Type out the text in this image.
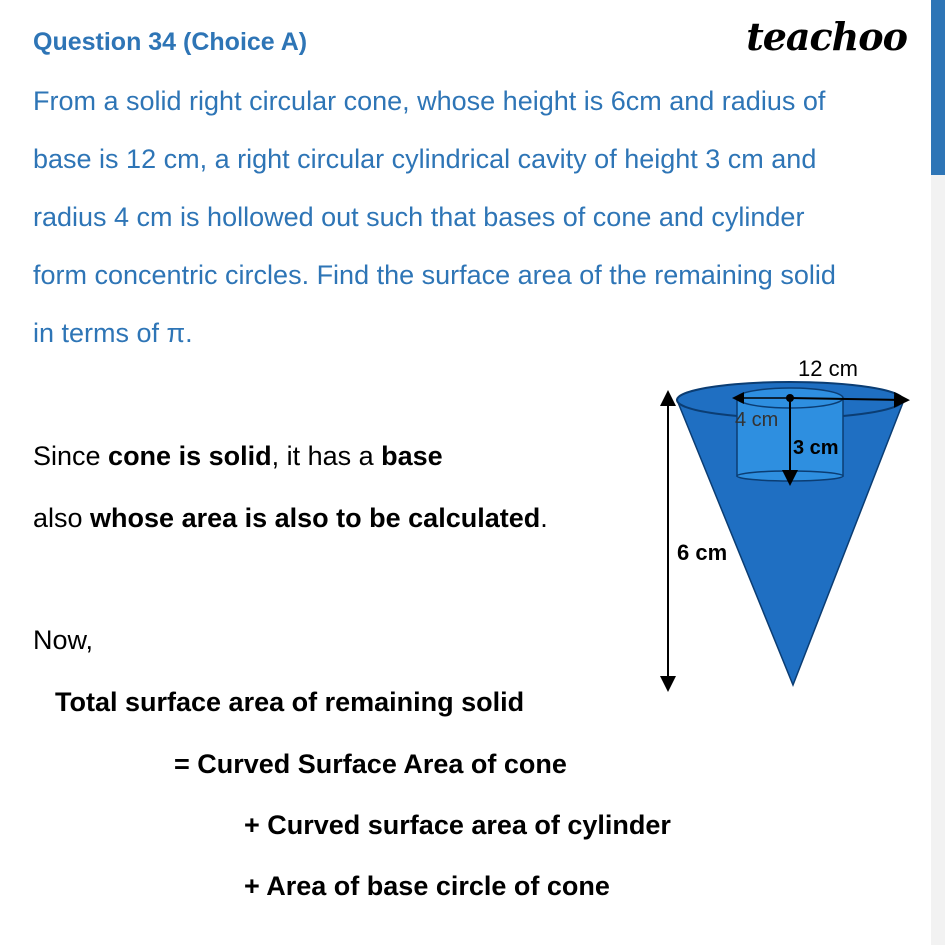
Question 34 (Choice A)	teachoo
From a solid right circular cone, whose height is 6cm and radius of
base is 12 cm, a right circular cylindrical cavity of height 3 cm and
radius 4 cm is hollowed out such that bases of cone and cylinder
form concentric circles. Find the surface area of the remaining solid
in terms of π.
Since cone is solid, it has a base
also whose area is also to be calculated.
Now,
Total surface area of remaining solid
= Curved Surface Area of cone
+ Curved surface area of cylinder
+ Area of base circle of cone
12 cm
4 cm
3 cm
6 cm
